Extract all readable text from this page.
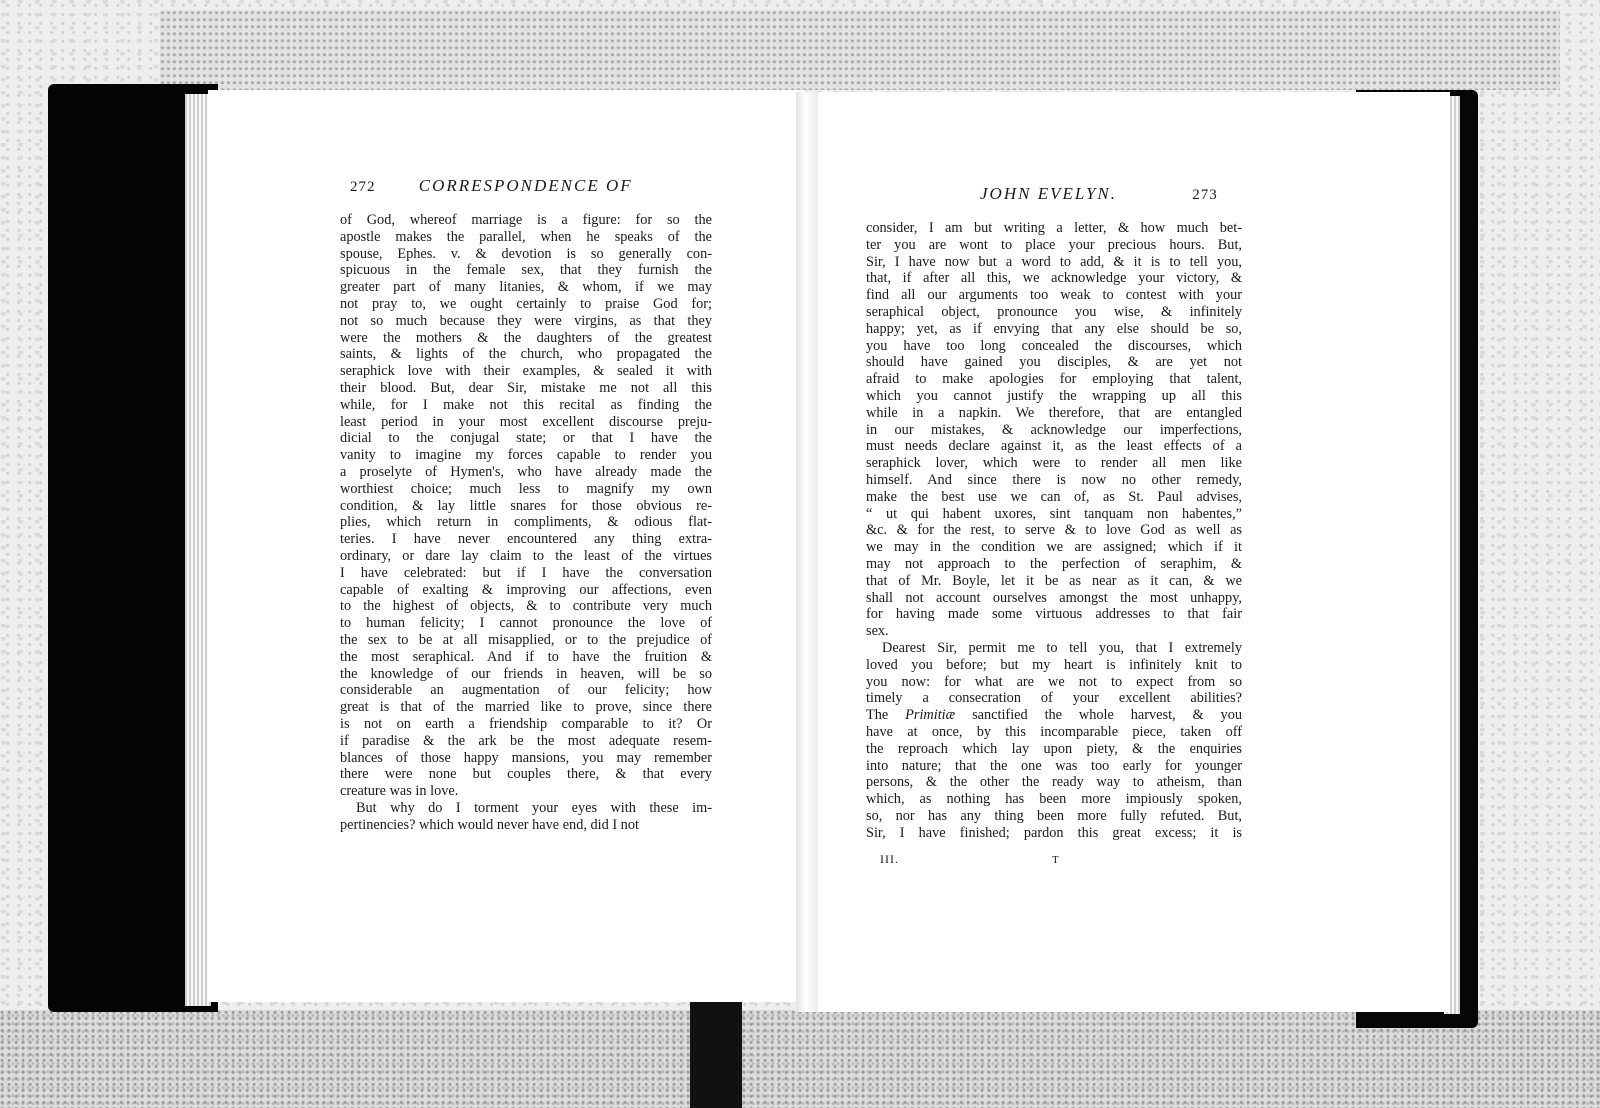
272	CORRESPONDENCE OF	JOHN EVELYN.	273
of God, whereof marriage is a figure: for so the
apostle makes the parallel, when he speaks of the
spouse, Ephes. v. & devotion is so generally con-
spicuous in the female sex, that they furnish the
greater part of many litanies, & whom, if we may
not pray to, we ought certainly to praise God for;
not so much because they were virgins, as that they
were the mothers & the daughters of the greatest
saints, & lights of the church, who propagated the
seraphick love with their examples, & sealed it with
their blood. But, dear Sir, mistake me not all this
while, for I make not this recital as finding the
least period in your most excellent discourse preju-
dicial to the conjugal state; or that I have the
vanity to imagine my forces capable to render you
a proselyte of Hymen's, who have already made the
worthiest choice; much less to magnify my own
condition, & lay little snares for those obvious re-
plies, which return in compliments, & odious flat-
teries. I have never encountered any thing extra-
ordinary, or dare lay claim to the least of the virtues
I have celebrated: but if I have the conversation
capable of exalting & improving our affections, even
to the highest of objects, & to contribute very much
to human felicity; I cannot pronounce the love of
the sex to be at all misapplied, or to the prejudice of
the most seraphical. And if to have the fruition &
the knowledge of our friends in heaven, will be so
considerable an augmentation of our felicity; how
great is that of the married like to prove, since there
is not on earth a friendship comparable to it? Or
if paradise & the ark be the most adequate resem-
blances of those happy mansions, you may remember
there were none but couples there, & that every
creature was in love.
But why do I torment your eyes with these im-
pertinencies? which would never have end, did I not
consider, I am but writing a letter, & how much bet-
ter you are wont to place your precious hours. But,
Sir, I have now but a word to add, & it is to tell you,
that, if after all this, we acknowledge your victory, &
find all our arguments too weak to contest with your
seraphical object, pronounce you wise, & infinitely
happy; yet, as if envying that any else should be so,
you have too long concealed the discourses, which
should have gained you disciples, & are yet not
afraid to make apologies for employing that talent,
which you cannot justify the wrapping up all this
while in a napkin. We therefore, that are entangled
in our mistakes, & acknowledge our imperfections,
must needs declare against it, as the least effects of a
seraphick lover, which were to render all men like
himself. And since there is now no other remedy,
make the best use we can of, as St. Paul advises,
“ ut qui habent uxores, sint tanquam non habentes,”
&c. & for the rest, to serve & to love God as well as
we may in the condition we are assigned; which if it
may not approach to the perfection of seraphim, &
that of Mr. Boyle, let it be as near as it can, & we
shall not account ourselves amongst the most unhappy,
for having made some virtuous addresses to that fair
sex.
Dearest Sir, permit me to tell you, that I extremely
loved you before; but my heart is infinitely knit to
you now: for what are we not to expect from so
timely a consecration of your excellent abilities?
The Primitiæ sanctified the whole harvest, & you
have at once, by this incomparable piece, taken off
the reproach which lay upon piety, & the enquiries
into nature; that the one was too early for younger
persons, & the other the ready way to atheism, than
which, as nothing has been more impiously spoken,
so, nor has any thing been more fully refuted. But,
Sir, I have finished; pardon this great excess; it is
III.	T
